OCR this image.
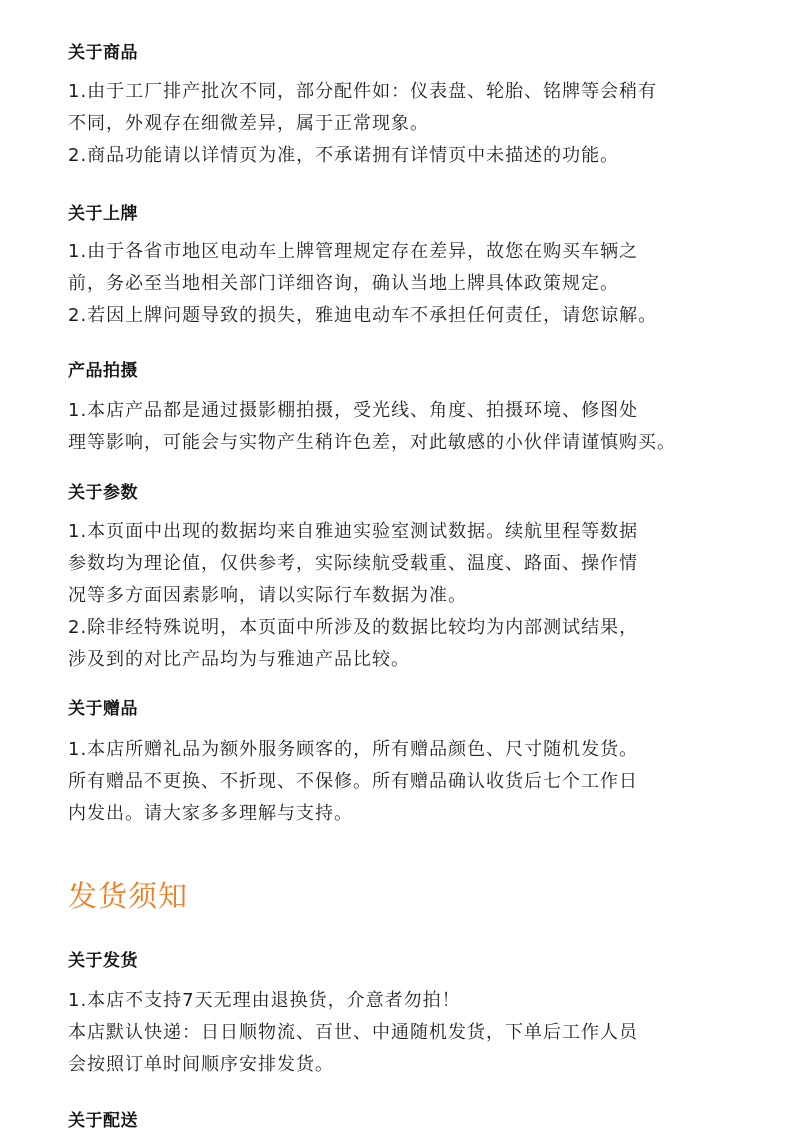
关于商品

1.由于工厂排产批次不同，部分配件如：仪表盘、轮胎、铭牌等会稍有

不同，外观存在细微差异，属于正常现象。

2.商品功能请以详情页为准，不承诺拥有详情页中未描述的功能。

关于上牌

1.由于各省市地区电动车上牌管理规定存在差异，故您在购买车辆之

前，务必至当地相关部门详细咨询，确认当地上牌具体政策规定。

2.若因上牌问题导致的损失，雅迪电动车不承担任何责任，请您谅解。

产品拍摄

1.本店产品都是通过摄影棚拍摄，受光线、角度、拍摄环境、修图处

理等影响，可能会与实物产生稍许色差，对此敏感的小伙伴请谨慎购买。

关于参数

1.本页面中出现的数据均来自雅迪实验室测试数据。续航里程等数据

参数均为理论值，仅供参考，实际续航受载重、温度、路面、操作情

况等多方面因素影响，请以实际行车数据为准。

2.除非经特殊说明，本页面中所涉及的数据比较均为内部测试结果，

涉及到的对比产品均为与雅迪产品比较。

关于赠品

1.本店所赠礼品为额外服务顾客的，所有赠品颜色、尺寸随机发货。

所有赠品不更换、不折现、不保修。所有赠品确认收货后七个工作日

内发出。请大家多多理解与支持。

发货须知
关于发货

1.本店不支持7天无理由退换货，介意者勿拍！

本店默认快递：日日顺物流、百世、中通随机发货，下单后工作人员

会按照订单时间顺序安排发货。

关于配送
